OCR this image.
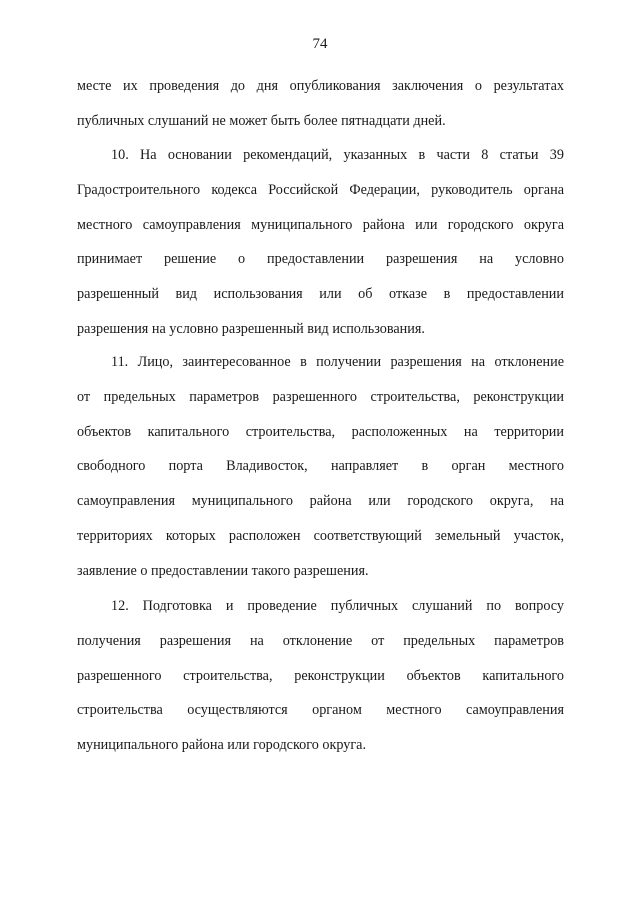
74
месте их проведения до дня опубликования заключения о результатах
публичных слушаний не может быть более пятнадцати дней.
10. На основании рекомендаций, указанных в части 8 статьи 39
Градостроительного кодекса Российской Федерации, руководитель органа
местного самоуправления муниципального района или городского округа
принимает решение о предоставлении разрешения на условно
разрешенный вид использования или об отказе в предоставлении
разрешения на условно разрешенный вид использования.
11. Лицо, заинтересованное в получении разрешения на отклонение
от предельных параметров разрешенного строительства, реконструкции
объектов капитального строительства, расположенных на территории
свободного порта Владивосток, направляет в орган местного
самоуправления муниципального района или городского округа, на
территориях которых расположен соответствующий земельный участок,
заявление о предоставлении такого разрешения.
12. Подготовка и проведение публичных слушаний по вопросу
получения разрешения на отклонение от предельных параметров
разрешенного строительства, реконструкции объектов капитального
строительства осуществляются органом местного самоуправления
муниципального района или городского округа.
